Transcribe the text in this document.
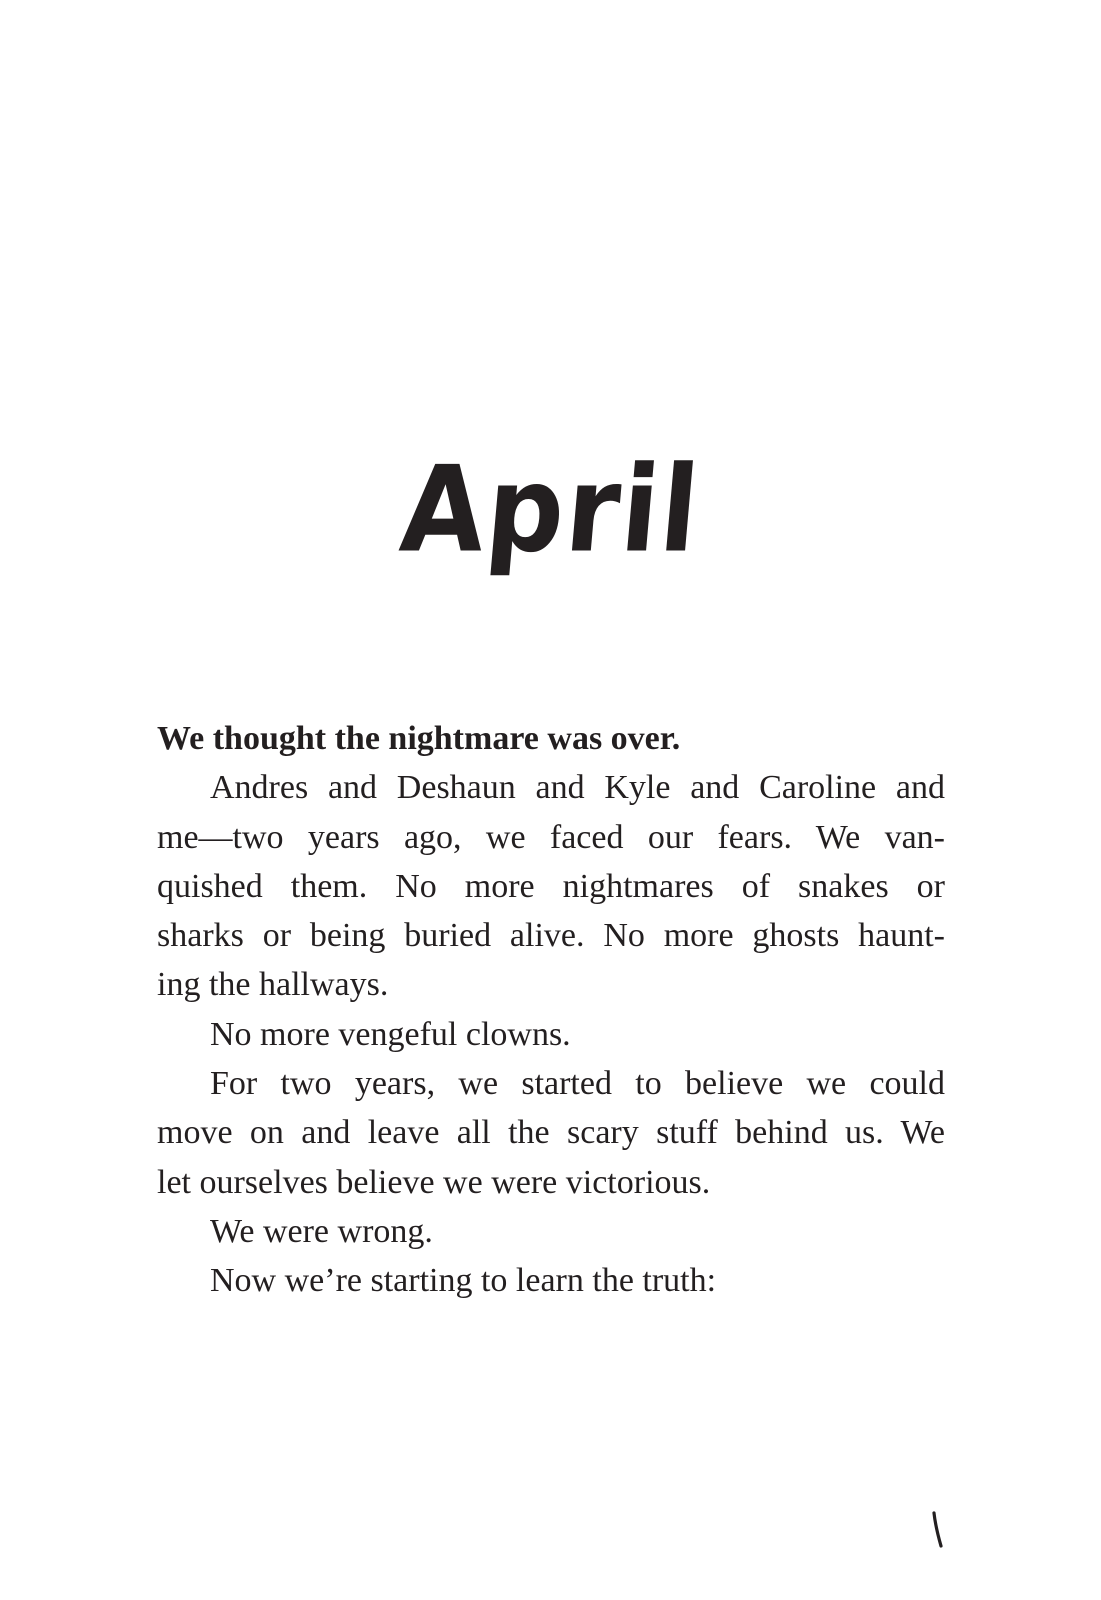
April

We thought the nightmare was over.

Andres and Deshaun and Kyle and Caroline and
me—two years ago, we faced our fears. We van-
quished them. No more nightmares of snakes or
sharks or being buried alive. No more ghosts haunt-
ing the hallways.

No more vengeful clowns.

For two years, we started to believe we could
move on and leave all the scary stuff behind us. We
let ourselves believe we were victorious.

We were wrong.

Now we’re starting to learn the truth:
